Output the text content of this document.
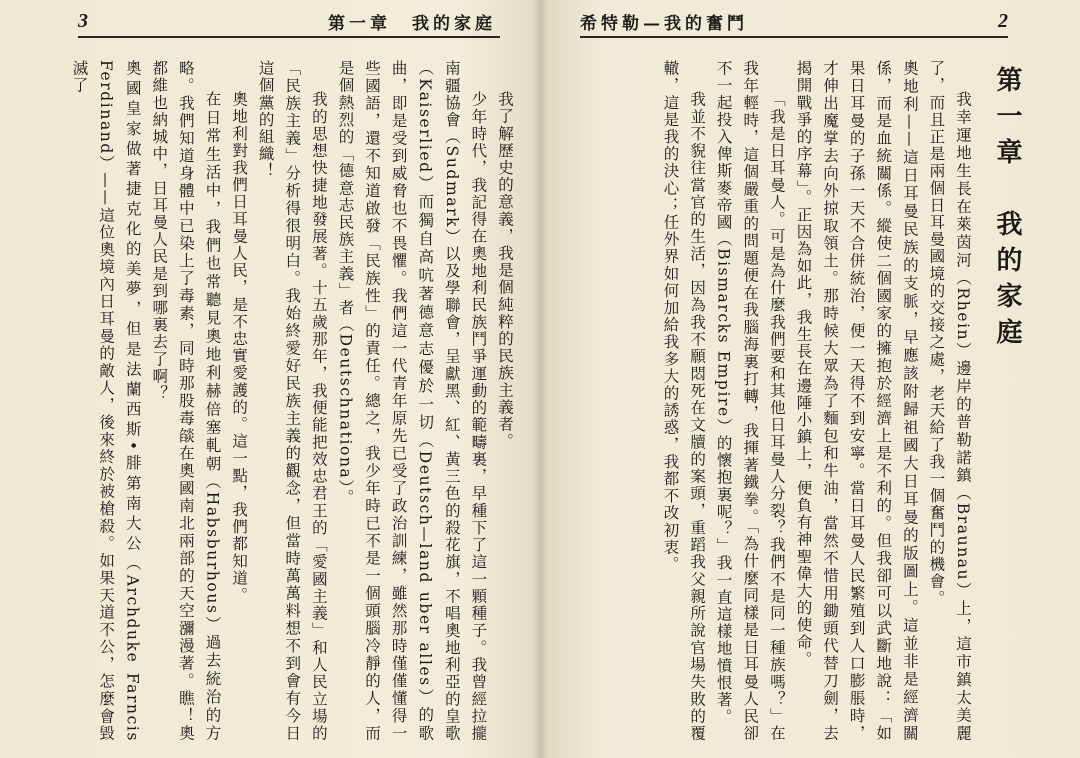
3	第一章　我的家庭

我了解歷史的意義，我是個純粹的民族主義者。

少年時代，我記得在奧地利民族鬥爭運動的範疇裏，早種下了這一顆種子。我曾經拉攏南疆協會（Sudmark）以及學聯會，呈獻黑、紅、黃三色的殺花旗，不唱奧地利亞的皇歌（Kaiserlied）而獨自高吭著德意志優於一切（Deutsch—land uber alles）的歌曲，即是受到威脅也不畏懼。我們這一代青年原先已受了政治訓練，雖然那時僅僅懂得一些國語，還不知道啟發「民族性」的責任。總之，我少年時已不是一個頭腦冷靜的人，而是個熱烈的「德意志民族主義」者（Deutschnationa）。

我的思想快捷地發展著。十五歲那年，我便能把效忠君王的「愛國主義」和人民立場的「民族主義」分析得很明白。我始終愛好民族主義的觀念，但當時萬萬料想不到會有今日這個黨的組織！

奧地利對我們日耳曼人民，是不忠實愛護的。這一點，我們都知道。

在日常生活中，我們也常聽見奧地利赫倍塞軋朝（Habsburhous）過去統治的方略。我們知道身體中已染上了毒素，同時那股毒燄在奧國南北兩部的天空瀰漫著。瞧！奧都維也納城中，日耳曼人民是到哪裏去了啊？

奧國皇家做著捷克化的美夢，但是法蘭西斯•腓第南大公（Archduke Farncis Ferdinand）——這位奧境內日耳曼的敵人，後來終於被槍殺。如果天道不公，怎麼會毀滅了

希特勒—我的奮鬥	2
第一章　我的家庭

我幸運地生長在萊茵河（Rhein）邊岸的普勒諾鎮（Braunau）上，這市鎮太美麗了，而且正是兩個日耳曼國境的交接之處，老天給了我一個奮鬥的機會。

奧地利——這日耳曼民族的支脈，早應該附歸祖國大日耳曼的版圖上。這並非是經濟關係，而是血統關係。縱使二個國家的擁抱於經濟上是不利的。但我卻可以武斷地說：「如果日耳曼的子孫一天不合併統治，便一天得不到安寧。當日耳曼人民繁殖到人口膨脹時，才伸出魔掌去向外掠取領土。那時候大眾為了麵包和牛油，當然不惜用鋤頭代替刀劍，去揭開戰爭的序幕」。正因為如此，我生長在邊陲小鎮上，便負有神聖偉大的使命。

「我是日耳曼人。可是為什麼我們要和其他日耳曼人分裂？我們不是同一種族嗎？」在我年輕時，這個嚴重的問題便在我腦海裏打轉，我揮著鐵拳。「為什麼同樣是日耳曼人民卻不一起投入俾斯麥帝國（Bismarcks Empire）的懷抱裏呢？」我一直這樣地憤恨著。

我並不貎往當官的生活，因為我不願悶死在文牘的案頭，重蹈我父親所說官場失敗的覆轍，這是我的決心；任外界如何加給我多大的誘惑，我都不改初衷。
